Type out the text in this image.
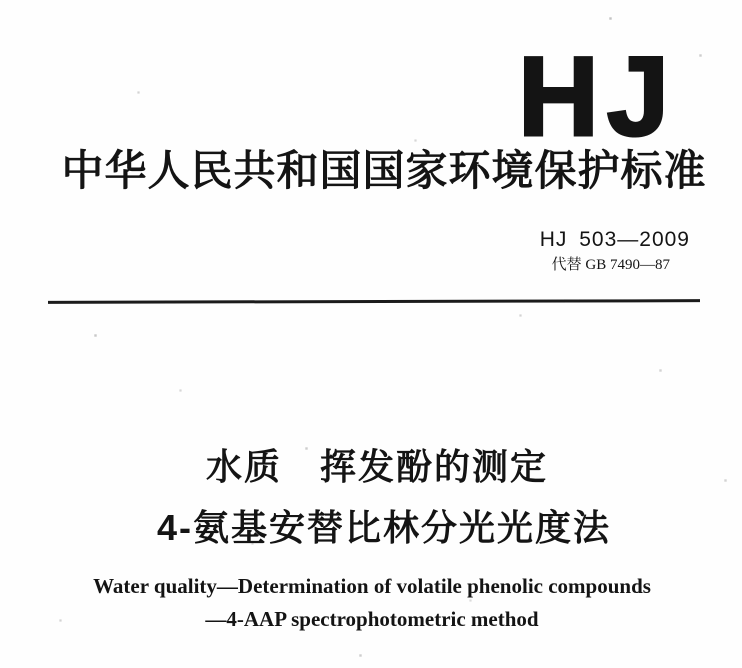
HJ
中华人民共和国国家环境保护标准
HJ 503—2009
代替 GB 7490—87
水质　挥发酚的测定
4-氨基安替比林分光光度法
Water quality—Determination of volatile phenolic compounds
—4-AAP spectrophotometric method
